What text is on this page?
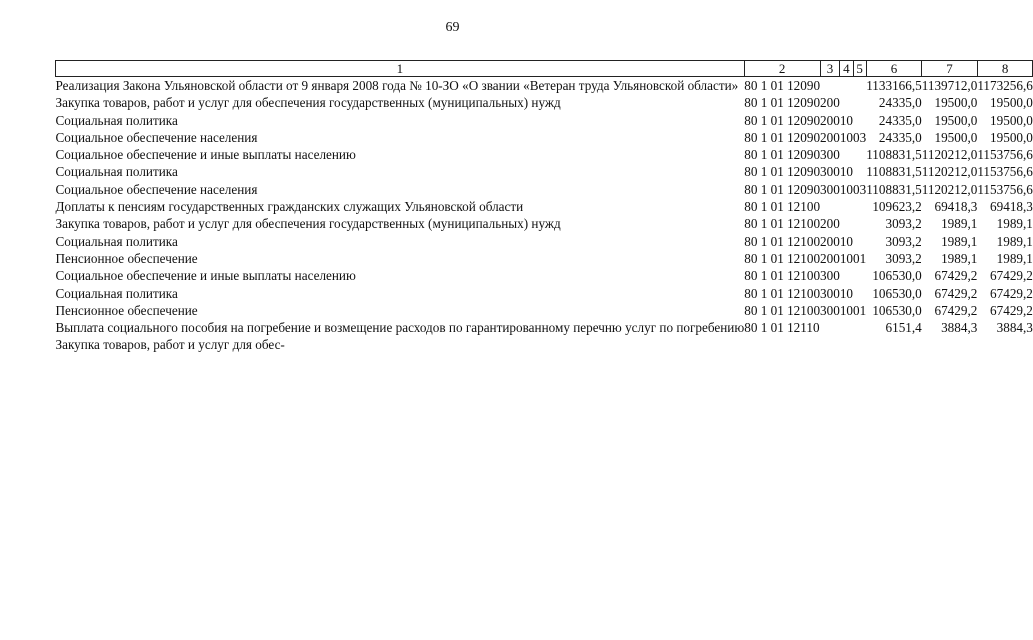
69
1	2	3	4	5	6	7	8
Реализация Закона Ульяновской области от 9 января 2008 года № 10-ЗО «О звании «Ветеран труда Ульяновской области»	80 1 01 12090				1133166,5	1139712,0	1173256,6
Закупка товаров, работ и услуг для обеспечения государственных (муниципальных) нужд	80 1 01 12090	200			24335,0	19500,0	19500,0
Социальная политика	80 1 01 12090	200	10		24335,0	19500,0	19500,0
Социальное обеспечение населения	80 1 01 12090	200	10	03	24335,0	19500,0	19500,0
Социальное обеспечение и иные выплаты населению	80 1 01 12090	300			1108831,5	1120212,0	1153756,6
Социальная политика	80 1 01 12090	300	10		1108831,5	1120212,0	1153756,6
Социальное обеспечение населения	80 1 01 12090	300	10	03	1108831,5	1120212,0	1153756,6
Доплаты к пенсиям государственных гражданских служащих Ульяновской области	80 1 01 12100				109623,2	69418,3	69418,3
Закупка товаров, работ и услуг для обеспечения государственных (муниципальных) нужд	80 1 01 12100	200			3093,2	1989,1	1989,1
Социальная политика	80 1 01 12100	200	10		3093,2	1989,1	1989,1
Пенсионное обеспечение	80 1 01 12100	200	10	01	3093,2	1989,1	1989,1
Социальное обеспечение и иные выплаты населению	80 1 01 12100	300			106530,0	67429,2	67429,2
Социальная политика	80 1 01 12100	300	10		106530,0	67429,2	67429,2
Пенсионное обеспечение	80 1 01 12100	300	10	01	106530,0	67429,2	67429,2
Выплата социального пособия на погребение и возмещение расходов по гарантированному перечню услуг по погребению	80 1 01 12110				6151,4	3884,3	3884,3
Закупка товаров, работ и услуг для обес-							
